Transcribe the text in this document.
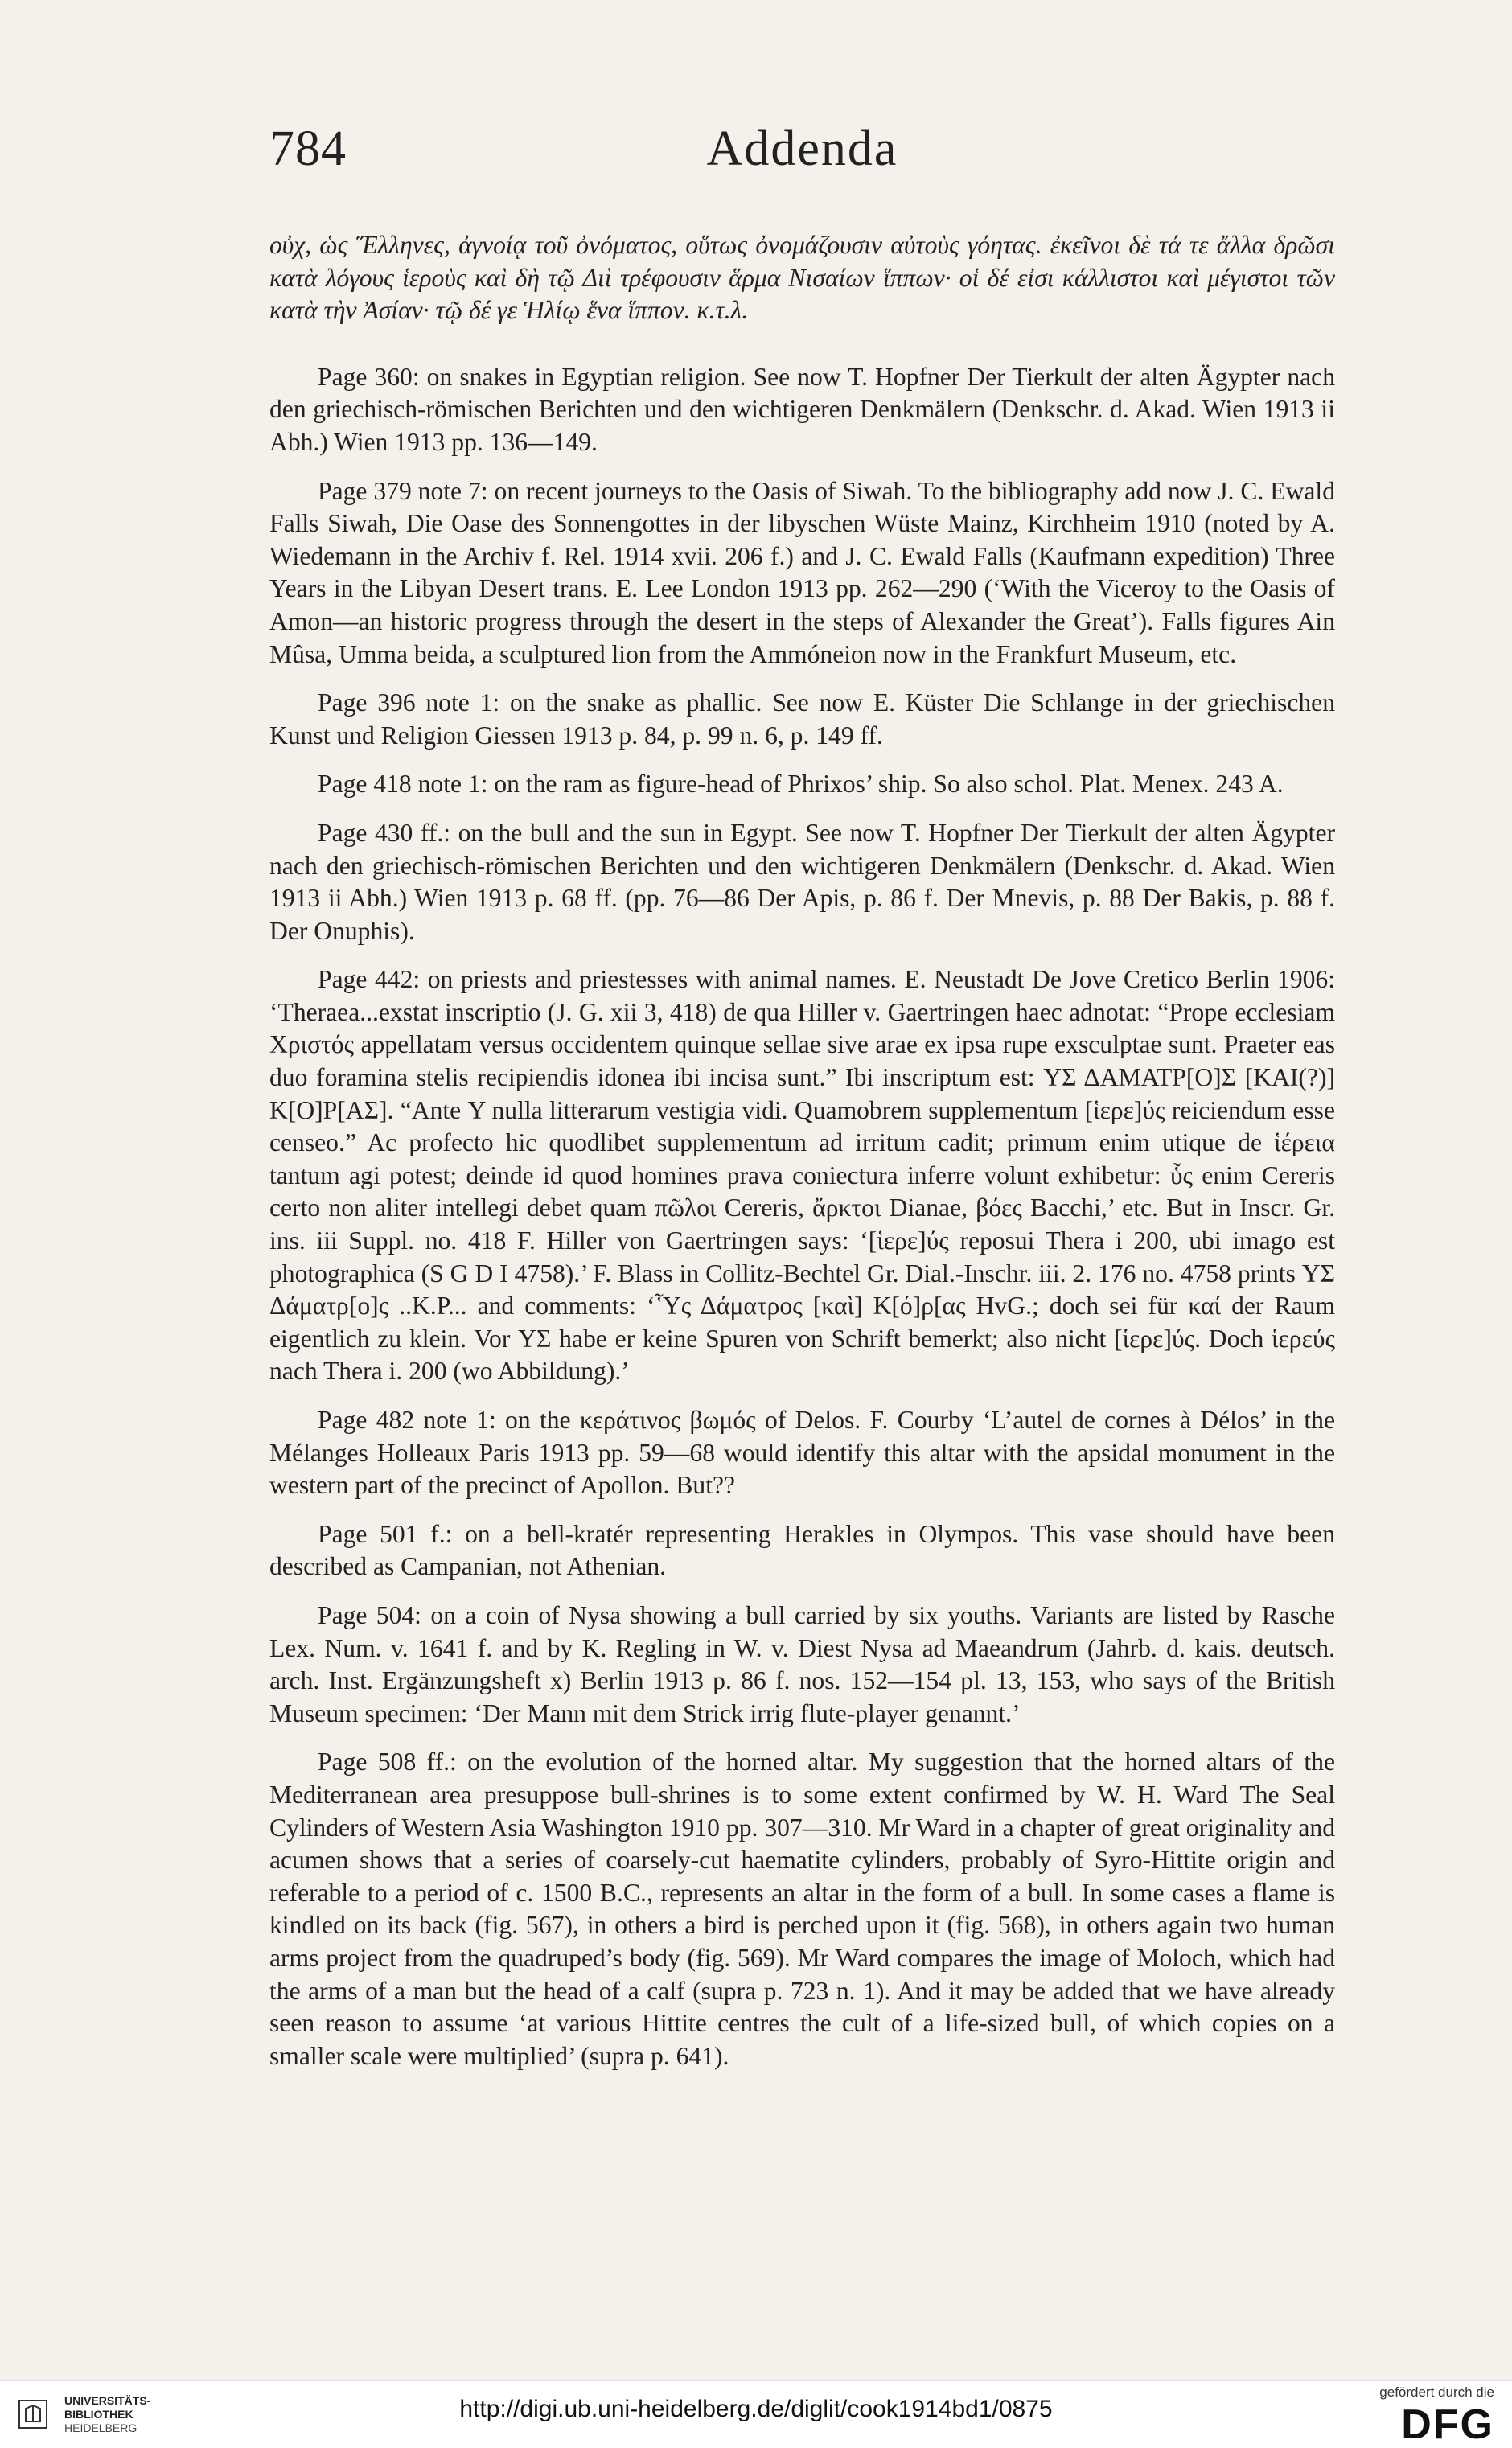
784	Addenda

οὐχ, ὡς Ἕλληνες, ἀγνοίᾳ τοῦ ὀνόματος, οὕτως ὀνομάζουσιν αὐτοὺς γόητας. ἐκεῖνοι δὲ τά τε ἄλλα δρῶσι κατὰ λόγους ἱεροὺς καὶ δὴ τῷ Διὶ τρέφουσιν ἅρμα Νισαίων ἵππων· οἱ δέ εἰσι κάλλιστοι καὶ μέγιστοι τῶν κατὰ τὴν Ἀσίαν· τῷ δέ γε Ἡλίῳ ἕνα ἵππον. κ.τ.λ.

Page 360: on snakes in Egyptian religion. See now T. Hopfner Der Tierkult der alten Ägypter nach den griechisch-römischen Berichten und den wichtigeren Denkmälern (Denkschr. d. Akad. Wien 1913 ii Abh.) Wien 1913 pp. 136—149.

Page 379 note 7: on recent journeys to the Oasis of Siwah. To the bibliography add now J. C. Ewald Falls Siwah, Die Oase des Sonnengottes in der libyschen Wüste Mainz, Kirchheim 1910 (noted by A. Wiedemann in the Archiv f. Rel. 1914 xvii. 206 f.) and J. C. Ewald Falls (Kaufmann expedition) Three Years in the Libyan Desert trans. E. Lee London 1913 pp. 262—290 (‘With the Viceroy to the Oasis of Amon—an historic progress through the desert in the steps of Alexander the Great’). Falls figures Ain Mûsa, Umma beida, a sculptured lion from the Ammóneion now in the Frankfurt Museum, etc.

Page 396 note 1: on the snake as phallic. See now E. Küster Die Schlange in der griechischen Kunst und Religion Giessen 1913 p. 84, p. 99 n. 6, p. 149 ff.

Page 418 note 1: on the ram as figure-head of Phrixos’ ship. So also schol. Plat. Menex. 243 A.

Page 430 ff.: on the bull and the sun in Egypt. See now T. Hopfner Der Tierkult der alten Ägypter nach den griechisch-römischen Berichten und den wichtigeren Denkmälern (Denkschr. d. Akad. Wien 1913 ii Abh.) Wien 1913 p. 68 ff. (pp. 76—86 Der Apis, p. 86 f. Der Mnevis, p. 88 Der Bakis, p. 88 f. Der Onuphis).

Page 442: on priests and priestesses with animal names. E. Neustadt De Jove Cretico Berlin 1906: ‘Theraea...exstat inscriptio (J. G. xii 3, 418) de qua Hiller v. Gaertringen haec adnotat: “Prope ecclesiam Χριστός appellatam versus occidentem quinque sellae sive arae ex ipsa rupe exsculptae sunt. Praeter eas duo foramina stelis recipiendis idonea ibi incisa sunt.” Ibi inscriptum est: ΥΣ ΔΑΜΑΤΡ[Ο]Σ [ΚΑΙ(?)] Κ[Ο]Ρ[ΑΣ]. “Ante Υ nulla litterarum vestigia vidi. Quamobrem supplementum [ἱερε]ύς reiciendum esse censeo.” Ac profecto hic quodlibet supplementum ad irritum cadit; primum enim utique de ἱέρεια tantum agi potest; deinde id quod homines prava coniectura inferre volunt exhibetur: ὗς enim Cereris certo non aliter intellegi debet quam πῶλοι Cereris, ἄρκτοι Dianae, βόες Bacchi,’ etc. But in Inscr. Gr. ins. iii Suppl. no. 418 F. Hiller von Gaertringen says: ‘[ἱερε]ύς reposui Thera i 200, ubi imago est photographica (S G D I 4758).’ F. Blass in Collitz-Bechtel Gr. Dial.-Inschr. iii. 2. 176 no. 4758 prints ΥΣ Δάματρ[ο]ς ..Κ.Ρ... and comments: ‘Ὗς Δάματρος [καὶ] Κ[ό]ρ[ας HvG.; doch sei für καί der Raum eigentlich zu klein. Vor ΥΣ habe er keine Spuren von Schrift bemerkt; also nicht [ἱερε]ύς. Doch ἱερεύς nach Thera i. 200 (wo Abbildung).’

Page 482 note 1: on the κεράτινος βωμός of Delos. F. Courby ‘L’autel de cornes à Délos’ in the Mélanges Holleaux Paris 1913 pp. 59—68 would identify this altar with the apsidal monument in the western part of the precinct of Apollon. But??

Page 501 f.: on a bell-kratér representing Herakles in Olympos. This vase should have been described as Campanian, not Athenian.

Page 504: on a coin of Nysa showing a bull carried by six youths. Variants are listed by Rasche Lex. Num. v. 1641 f. and by K. Regling in W. v. Diest Nysa ad Maeandrum (Jahrb. d. kais. deutsch. arch. Inst. Ergänzungsheft x) Berlin 1913 p. 86 f. nos. 152—154 pl. 13, 153, who says of the British Museum specimen: ‘Der Mann mit dem Strick irrig flute-player genannt.’

Page 508 ff.: on the evolution of the horned altar. My suggestion that the horned altars of the Mediterranean area presuppose bull-shrines is to some extent confirmed by W. H. Ward The Seal Cylinders of Western Asia Washington 1910 pp. 307—310. Mr Ward in a chapter of great originality and acumen shows that a series of coarsely-cut haematite cylinders, probably of Syro-Hittite origin and referable to a period of c. 1500 B.C., represents an altar in the form of a bull. In some cases a flame is kindled on its back (fig. 567), in others a bird is perched upon it (fig. 568), in others again two human arms project from the quadruped’s body (fig. 569). Mr Ward compares the image of Moloch, which had the arms of a man but the head of a calf (supra p. 723 n. 1). And it may be added that we have already seen reason to assume ‘at various Hittite centres the cult of a life-sized bull, of which copies on a smaller scale were multiplied’ (supra p. 641).

UNIVERSITÄTS-
BIBLIOTHEK
HEIDELBERG
http://digi.ub.uni-heidelberg.de/diglit/cook1914bd1/0875
gefördert durch die
DFG
